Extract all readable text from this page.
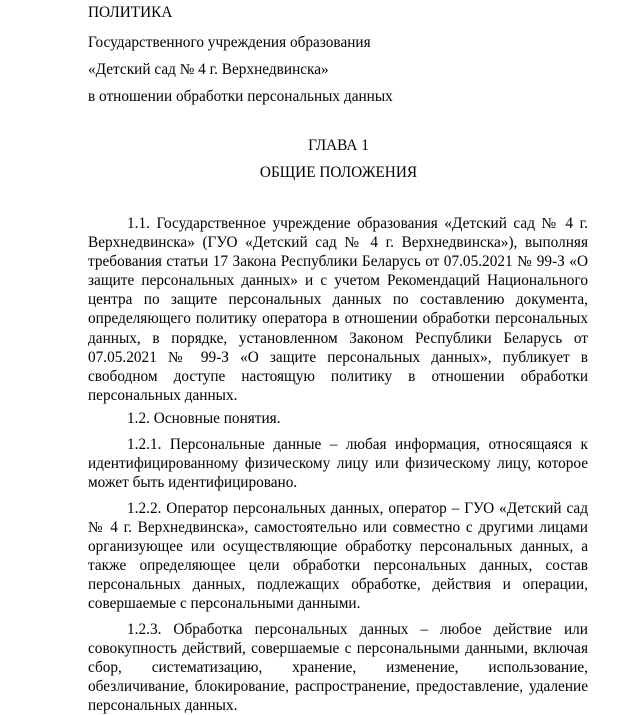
ПОЛИТИКА

Государственного учреждения образования

«Детский сад № 4 г. Верхнедвинска»

в отношении обработки персональных данных

ГЛАВА 1

ОБЩИЕ ПОЛОЖЕНИЯ

1.1. Государственное учреждение образования «Детский сад № 4 г. Верхнедвинска» (ГУО «Детский сад № 4 г. Верхнедвинска»), выполняя требования статьи 17 Закона Республики Беларусь от 07.05.2021 № 99-З «О защите персональных данных» и с учетом Рекомендаций Национального центра по защите персональных данных по составлению документа, определяющего политику оператора в отношении обработки персональных данных, в порядке, установленном Законом Республики Беларусь от 07.05.2021 № 99-З «О защите персональных данных», публикует в свободном доступе настоящую политику в отношении обработки персональных данных.

1.2. Основные понятия.

1.2.1. Персональные данные – любая информация, относящаяся к идентифицированному физическому лицу или физическому лицу, которое может быть идентифицировано.

1.2.2. Оператор персональных данных, оператор – ГУО «Детский сад № 4 г. Верхнедвинска», самостоятельно или совместно с другими лицами организующее или осуществляющие обработку персональных данных, а также определяющее цели обработки персональных данных, состав персональных данных, подлежащих обработке, действия и операции, совершаемые с персональными данными.

1.2.3. Обработка персональных данных – любое действие или совокупность действий, совершаемые с персональными данными, включая сбор, систематизацию, хранение, изменение, использование, обезличивание, блокирование, распространение, предоставление, удаление персональных данных.
